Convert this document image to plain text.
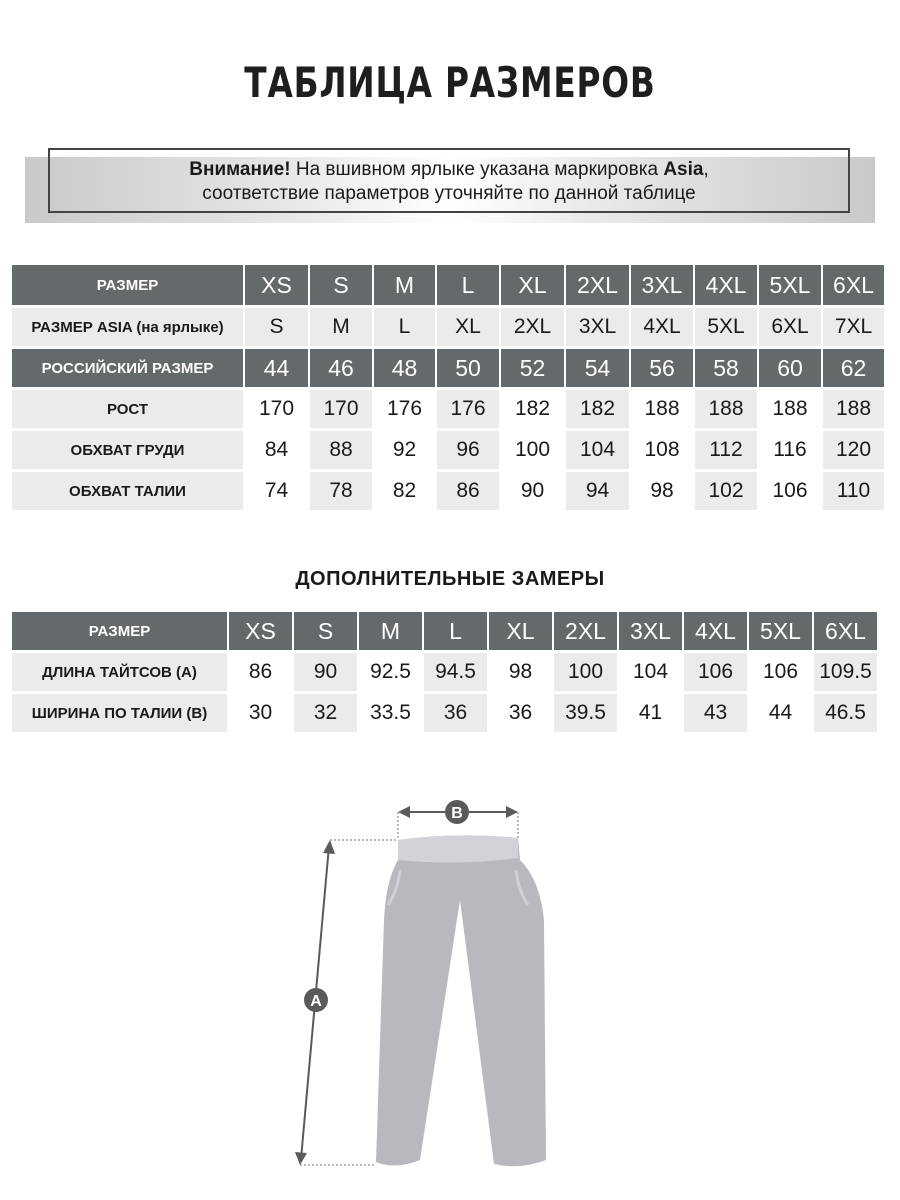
ТАБЛИЦА РАЗМЕРОВ
Внимание! На вшивном ярлыке указана маркировка Asia,
соответствие параметров уточняйте по данной таблице
РАЗМЕР	XS	S	M	L	XL	2XL	3XL	4XL	5XL	6XL
РАЗМЕР ASIA (на ярлыке)	S	M	L	XL	2XL	3XL	4XL	5XL	6XL	7XL
РОССИЙСКИЙ РАЗМЕР	44	46	48	50	52	54	56	58	60	62
РОСТ	170	170	176	176	182	182	188	188	188	188
ОБХВАТ ГРУДИ	84	88	92	96	100	104	108	112	116	120
ОБХВАТ ТАЛИИ	74	78	82	86	90	94	98	102	106	110
ДОПОЛНИТЕЛЬНЫЕ ЗАМЕРЫ
РАЗМЕР	XS	S	M	L	XL	2XL	3XL	4XL	5XL	6XL
ДЛИНА ТАЙТСОВ (А)	86	90	92.5	94.5	98	100	104	106	106	109.5
ШИРИНА ПО ТАЛИИ (В)	30	32	33.5	36	36	39.5	41	43	44	46.5
B
A
